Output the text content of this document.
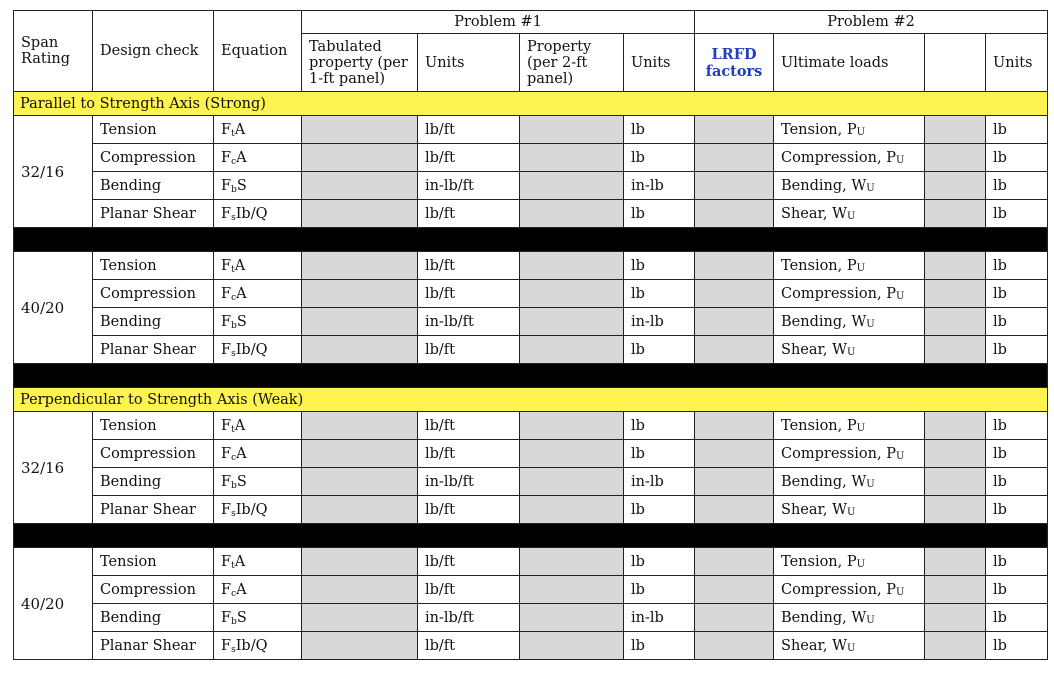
Span Rating	Design check	Equation	Problem #1				Problem #2			
			Tabulated property (per 1-ft panel)	Units	Property (per 2-ft panel)	Units	LRFD factors	Ultimate loads		Units
Parallel to Strength Axis (Strong)										
32/16	Tension	FtA		lb/ft		lb		Tension, PU		lb
	Compression	FcA		lb/ft		lb		Compression, PU		lb
	Bending	FbS		in-lb/ft		in-lb		Bending, WU		lb
	Planar Shear	FsIb/Q		lb/ft		lb		Shear, WU		lb

40/20	Tension	FtA		lb/ft		lb		Tension, PU		lb
	Compression	FcA		lb/ft		lb		Compression, PU		lb
	Bending	FbS		in-lb/ft		in-lb		Bending, WU		lb
	Planar Shear	FsIb/Q		lb/ft		lb		Shear, WU		lb

Perpendicular to Strength Axis (Weak)										
32/16	Tension	FtA		lb/ft		lb		Tension, PU		lb
	Compression	FcA		lb/ft		lb		Compression, PU		lb
	Bending	FbS		in-lb/ft		in-lb		Bending, WU		lb
	Planar Shear	FsIb/Q		lb/ft		lb		Shear, WU		lb

40/20	Tension	FtA		lb/ft		lb		Tension, PU		lb
	Compression	FcA		lb/ft		lb		Compression, PU		lb
	Bending	FbS		in-lb/ft		in-lb		Bending, WU		lb
	Planar Shear	FsIb/Q		lb/ft		lb		Shear, WU		lb
